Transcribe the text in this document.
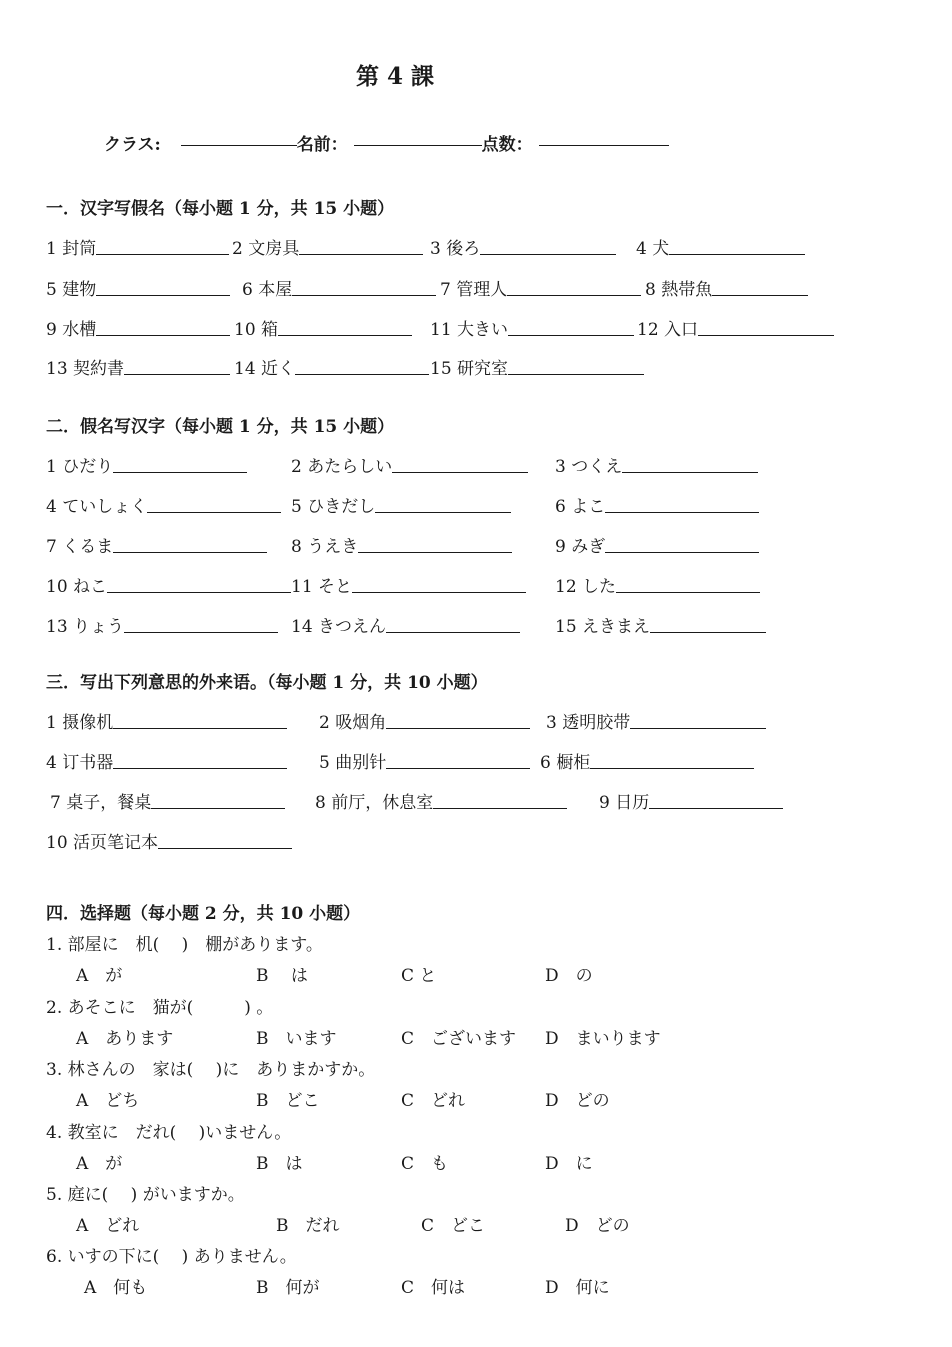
第 4 課
クラス:	名前：	点数：
一．汉字写假名（每小题 1 分，共 15 小题）
1 封筒	2 文房具	3 後ろ	4 犬
5 建物	6 本屋	7 管理人	8 熱帯魚
9 水槽	10 箱	11 大きい	12 入口
13 契約書	14 近く	15 研究室
二．假名写汉字（每小题 1 分，共 15 小题）
1 ひだり	2 あたらしい	3 つくえ
4 ていしょく	5 ひきだし	6 よこ
7 くるま	8 うえき	9 みぎ
10 ねこ	11 そと	12 した
13 りょう	14 きつえん	15 えきまえ
三．写出下列意思的外来语。（每小题 1 分，共 10 小题）
1 摄像机	2 吸烟角	3 透明胶带
4 订书器	5 曲别针	6 橱柜
7 桌子，餐桌	8 前厅，休息室	9 日历
10 活页笔记本
四．选择题（每小题 2 分，共 10 小题）
1. 部屋に　机(　 )　棚があります。
A　が	B　 は	C と	D　の
2. あそこに　猫が(　　　) 。
A　あります	B　います	C　ございます D　まいります
3. 林さんの　家は(　 )に　ありまかすか。
A　どち	B　どこ	C　どれ	D　どの
4. 教室に　だれ(　 )いません。
A　が	B　は	C　も	D　に
5. 庭に( 　) がいますか。
A　どれ	B　だれ	C　どこ	D　どの
6. いすの下に( 　) ありません。
A　何も	B　何が	C　何は	D　何に
